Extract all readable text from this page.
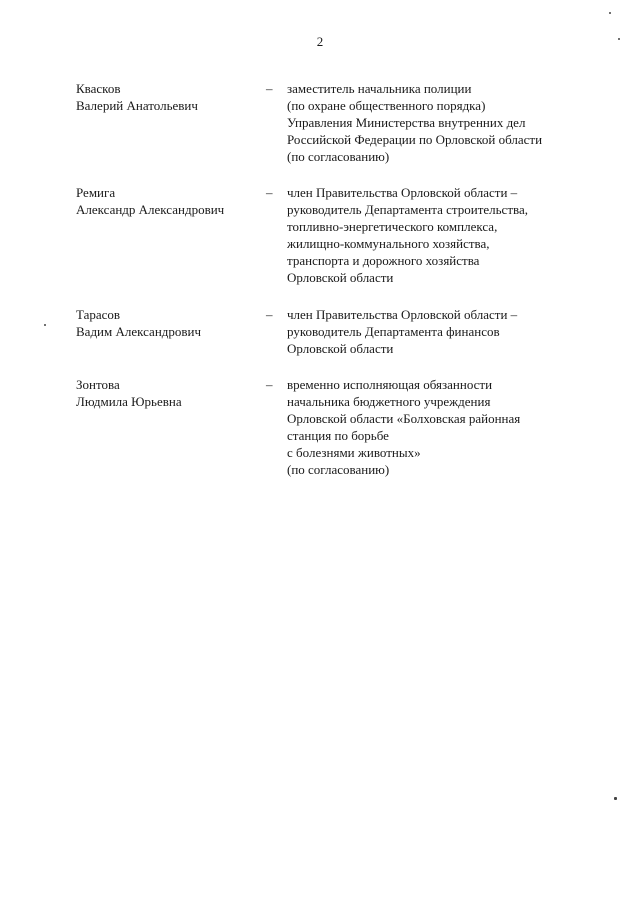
2
Квасков
Валерий Анатольевич
– заместитель начальника полиции
(по охране общественного порядка)
Управления Министерства внутренних дел
Российской Федерации по Орловской области
(по согласованию)
Ремига
Александр Александрович
– член Правительства Орловской области –
руководитель Департамента строительства,
топливно-энергетического комплекса,
жилищно-коммунального хозяйства,
транспорта и дорожного хозяйства
Орловской области
Тарасов
Вадим Александрович
– член Правительства Орловской области –
руководитель Департамента финансов
Орловской области
Зонтова
Людмила Юрьевна
– временно исполняющая обязанности
начальника бюджетного учреждения
Орловской области «Болховская районная
станция по борьбе
с болезнями животных»
(по согласованию)
